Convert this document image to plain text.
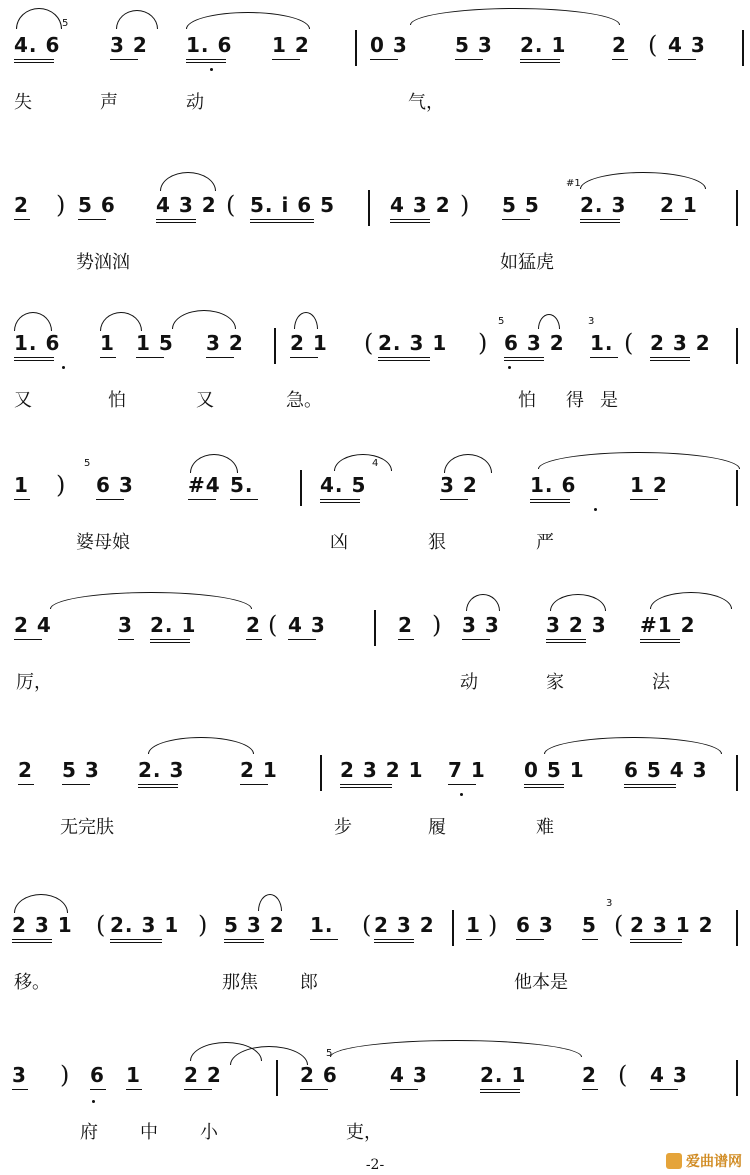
4. 6 3 2 1. 6 1 2	0 3 5 3 2. 1 2 ( 4 3
5
失	声	动	气，
2 ) 5 6 4 3 2 ( 5. i 6 5	4 3 2 ) 5 5 2. 3 2 1
#1
势汹汹	如猛虎
1. 6 1 1 5 3 2 2 1 ( 2. 3 1 ) 6 3 2 1. ( 2 3 2
5	3
又	怕	又	急。	怕 得 是
1 ) 6 3	#4 5.	4. 5	3 2	1. 6	1 2
5	4
婆母娘	凶	狠	严
2 4	3 2. 1 2 ( 4 3	2 ) 3 3 3 2 3 #1 2
厉，	动	家	法
2 5 3 2. 3	2 1	2 3 2 1 7 1 0 5 1 6 5 4 3
无完肤	步	履	难
2 3 1 ( 2. 3 1 ) 5 3 2 1. ( 2 3 2 1 ) 6 3 5 ( 2 3 1 2
3
移。	那焦 郎	他本是
3 ) 6 1 2 2	2 6	4 3	2. 1	2 ( 4 3
5
府 中 小	吏，
-2-	爱曲谱网
